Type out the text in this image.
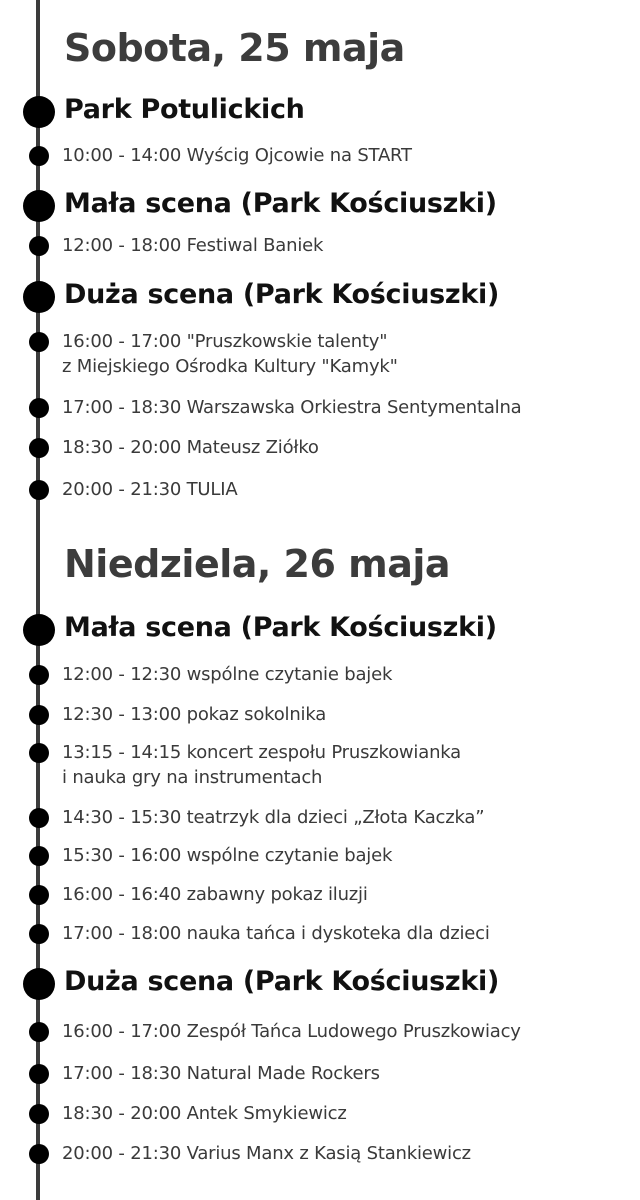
Sobota, 25 maja
Park Potulickich
10:00 - 14:00 Wyścig Ojcowie na START
Mała scena (Park Kościuszki)
12:00 - 18:00 Festiwal Baniek
Duża scena (Park Kościuszki)
16:00 - 17:00 "Pruszkowskie talenty"
z Miejskiego Ośrodka Kultury "Kamyk"
17:00 - 18:30 Warszawska Orkiestra Sentymentalna
18:30 - 20:00 Mateusz Ziółko
20:00 - 21:30 TULIA
Niedziela, 26 maja
Mała scena (Park Kościuszki)
12:00 - 12:30 wspólne czytanie bajek
12:30 - 13:00 pokaz sokolnika
13:15 - 14:15 koncert zespołu Pruszkowianka
i nauka gry na instrumentach
14:30 - 15:30 teatrzyk dla dzieci „Złota Kaczka”
15:30 - 16:00 wspólne czytanie bajek
16:00 - 16:40 zabawny pokaz iluzji
17:00 - 18:00 nauka tańca i dyskoteka dla dzieci
Duża scena (Park Kościuszki)
16:00 - 17:00 Zespół Tańca Ludowego Pruszkowiacy
17:00 - 18:30 Natural Made Rockers
18:30 - 20:00 Antek Smykiewicz
20:00 - 21:30 Varius Manx z Kasią Stankiewicz
